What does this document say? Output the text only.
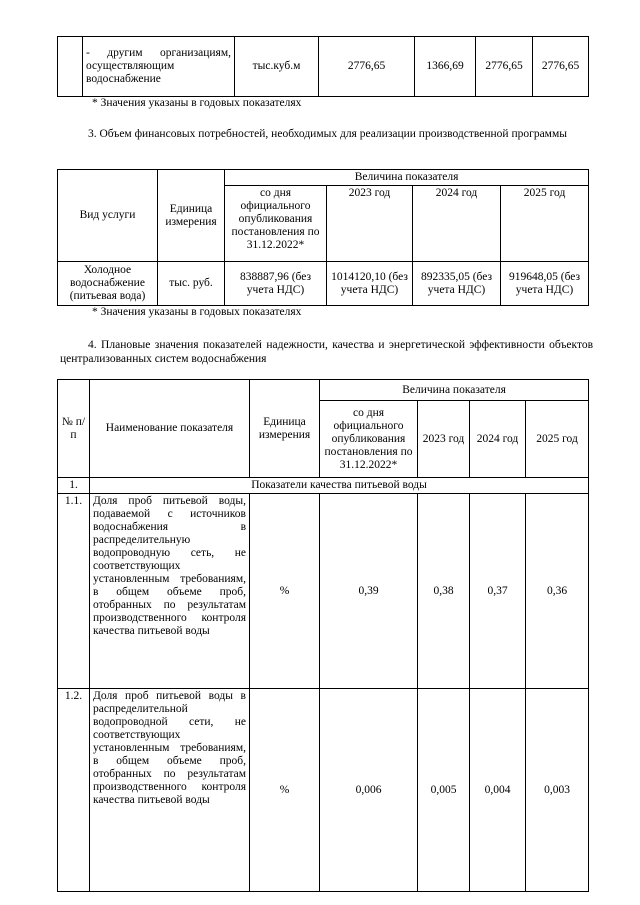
	- другим организациям, осуществляющим водоснабжение	тыс.куб.м	2776,65	1366,69	2776,65	2776,65
* Значения указаны в годовых показателях
3. Объем финансовых потребностей, необходимых для реализации производственной программы
Вид услуги	Единица измерения	Величина показателя			
		со дня официального опубликования постановления по 31.12.2022*	2023 год	2024 год	2025 год
Холодное водоснабжение (питьевая вода)	тыс. руб.	838887,96 (без учета НДС)	1014120,10 (без учета НДС)	892335,05 (без учета НДС)	919648,05 (без учета НДС)
* Значения указаны в годовых показателях
4. Плановые значения показателей надежности, качества и энергетической эффективности объектов централизованных систем водоснабжения
№ п/п	Наименование показателя	Единица измерения	Величина показателя			
			со дня официального опубликования постановления по 31.12.2022*	2023 год	2024 год	2025 год
1.	Показатели качества питьевой воды					
1.1.	Доля проб питьевой воды, подаваемой с источников водоснабжения в распределительную водопроводную сеть, не соответствующих установленным требованиям, в общем объеме проб, отобранных по результатам производственного контроля качества питьевой воды	%	0,39	0,38	0,37	0,36
1.2.	Доля проб питьевой воды в распределительной водопроводной сети, не соответствующих установленным требованиям, в общем объеме проб, отобранных по результатам производственного контроля качества питьевой воды	%	0,006	0,005	0,004	0,003
